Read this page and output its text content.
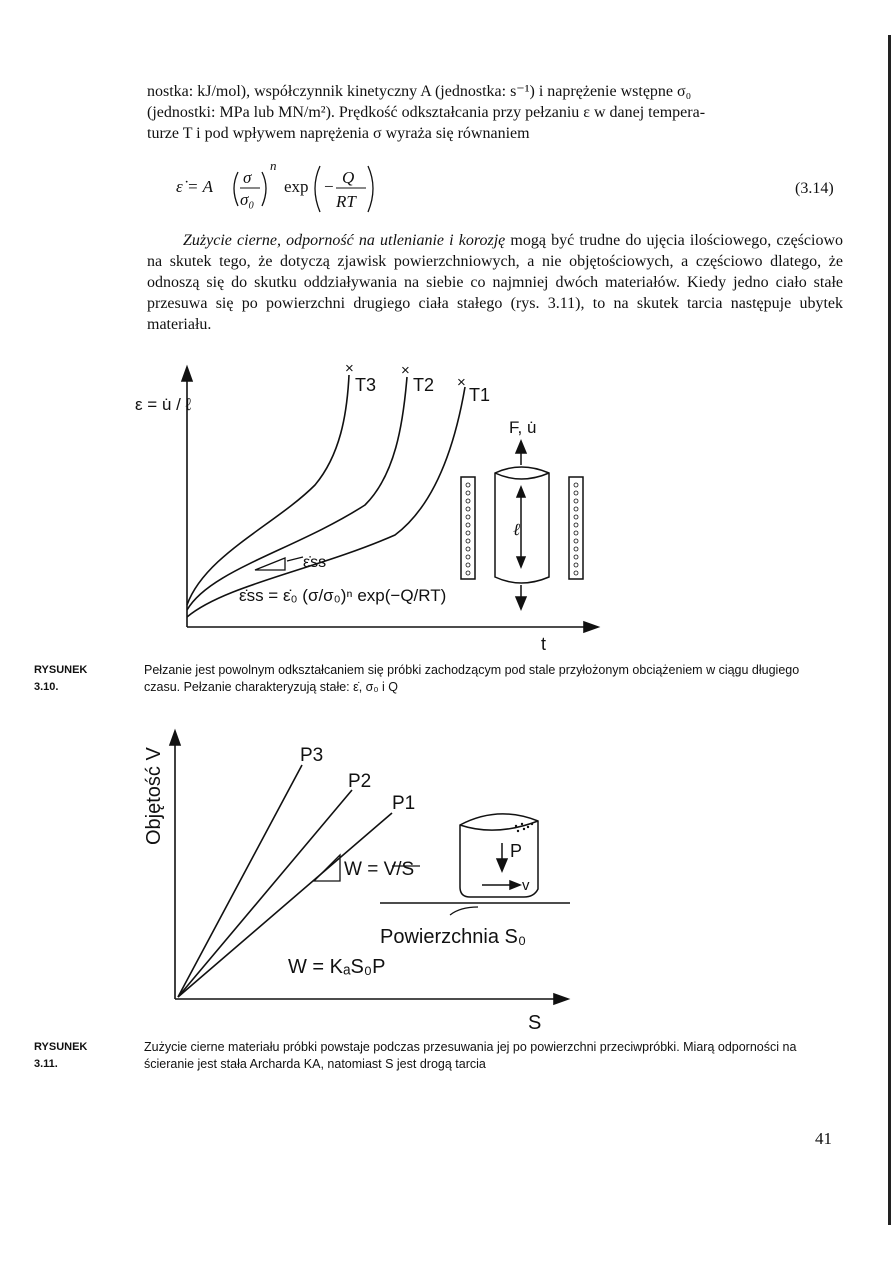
nostka: kJ/mol), współczynnik kinetyczny A (jednostka: s⁻¹) i naprężenie wstępne σ₀
(jednostki: MPa lub MN/m²). Prędkość odkształcania przy pełzaniu ε w danej tempera-
turze T i pod wpływem naprężenia σ wyraża się równaniem
ε̇ = A σ
σ₀
n
exp − Q
RT
(3.14)
Zużycie cierne, odporność na utlenianie i korozję mogą być trudne do ujęcia ilościowego, częściowo na skutek tego, że dotyczą zjawisk powierzchniowych, a nie objętościowych, a częściowo dlatego, że odnoszą się do skutku oddziaływania na siebie co najmniej dwóch materiałów. Kiedy jedno ciało stałe przesuwa się po powierzchni drugiego ciała stałego (rys. 3.11), to na skutek tarcia następuje ubytek materiału.
ε = u̇ / ℓ
t
T3 T2 T1
×	×
×
ε̇ss
ε̇ss = ε̇₀ (σ/σ₀)ⁿ exp(−Q/RT)
F, u̇
ℓ
RYSUNEK 3.10.
Pełzanie jest powolnym odkształcaniem się próbki zachodzącym pod stale przyłożonym obciążeniem w ciągu długiego czasu. Pełzanie charakteryzują stałe: ε̇, σ₀ i Q
Objętość V
S
P3
P2
P1
W = V/S
Powierzchnia S₀
W = KₐS₀P
P
v
RYSUNEK 3.11.
Zużycie cierne materiału próbki powstaje podczas przesuwania jej po powierzchni przeciwpróbki. Miarą odporności na ścieranie jest stała Archarda KA, natomiast S jest drogą tarcia
41
